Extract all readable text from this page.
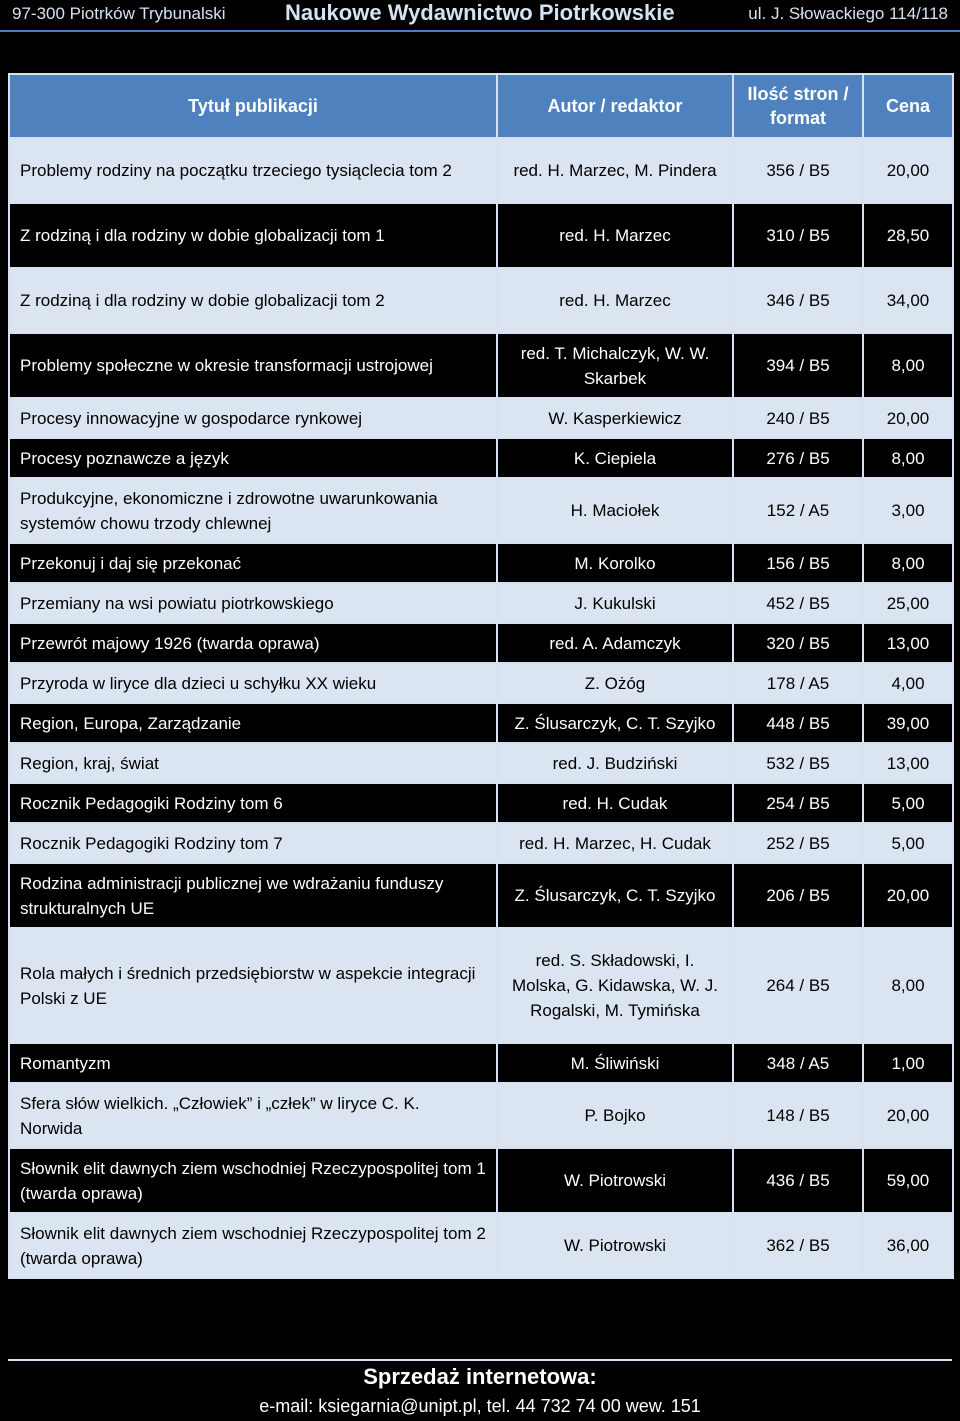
97-300 Piotrków Trybunalski	Naukowe Wydawnictwo Piotrkowskie	ul. J. Słowackiego 114/118
Tytuł publikacji	Autor / redaktor	Ilość stron / format	Cena
Problemy rodziny na początku trzeciego tysiąclecia tom 2	red. H. Marzec, M. Pindera	356 / B5	20,00
Z rodziną i dla rodziny w dobie globalizacji tom 1	red. H. Marzec	310 / B5	28,50
Z rodziną i dla rodziny w dobie globalizacji tom 2	red. H. Marzec	346 / B5	34,00
Problemy społeczne w okresie transformacji ustrojowej	red. T. Michalczyk, W. W. Skarbek	394 / B5	8,00
Procesy innowacyjne w gospodarce rynkowej	W. Kasperkiewicz	240 / B5	20,00
Procesy poznawcze a język	K. Ciepiela	276 / B5	8,00
Produkcyjne, ekonomiczne i zdrowotne uwarunkowania systemów chowu trzody chlewnej	H. Maciołek	152 / A5	3,00
Przekonuj i daj się przekonać	M. Korolko	156 / B5	8,00
Przemiany na wsi powiatu piotrkowskiego	J. Kukulski	452 / B5	25,00
Przewrót majowy 1926 (twarda oprawa)	red. A. Adamczyk	320 / B5	13,00
Przyroda w liryce dla dzieci u schyłku XX wieku	Z. Ożóg	178 / A5	4,00
Region, Europa, Zarządzanie	Z. Ślusarczyk, C. T. Szyjko	448 / B5	39,00
Region, kraj, świat	red. J. Budziński	532 / B5	13,00
Rocznik Pedagogiki Rodziny tom 6	red. H. Cudak	254 / B5	5,00
Rocznik Pedagogiki Rodziny tom 7	red. H. Marzec, H. Cudak	252 / B5	5,00
Rodzina administracji publicznej we wdrażaniu funduszy strukturalnych UE	Z. Ślusarczyk, C. T. Szyjko	206 / B5	20,00
Rola małych i średnich przedsiębiorstw w aspekcie integracji Polski z UE	red. S. Składowski, I. Molska, G. Kidawska, W. J. Rogalski, M. Tymińska	264 / B5	8,00
Romantyzm	M. Śliwiński	348 / A5	1,00
Sfera słów wielkich. „Człowiek” i „człek” w liryce C. K. Norwida	P. Bojko	148 / B5	20,00
Słownik elit dawnych ziem wschodniej Rzeczypospolitej tom 1 (twarda oprawa)	W. Piotrowski	436 / B5	59,00
Słownik elit dawnych ziem wschodniej Rzeczypospolitej tom 2 (twarda oprawa)	W. Piotrowski	362 / B5	36,00
Sprzedaż internetowa:
e-mail: ksiegarnia@unipt.pl, tel. 44 732 74 00 wew. 151
